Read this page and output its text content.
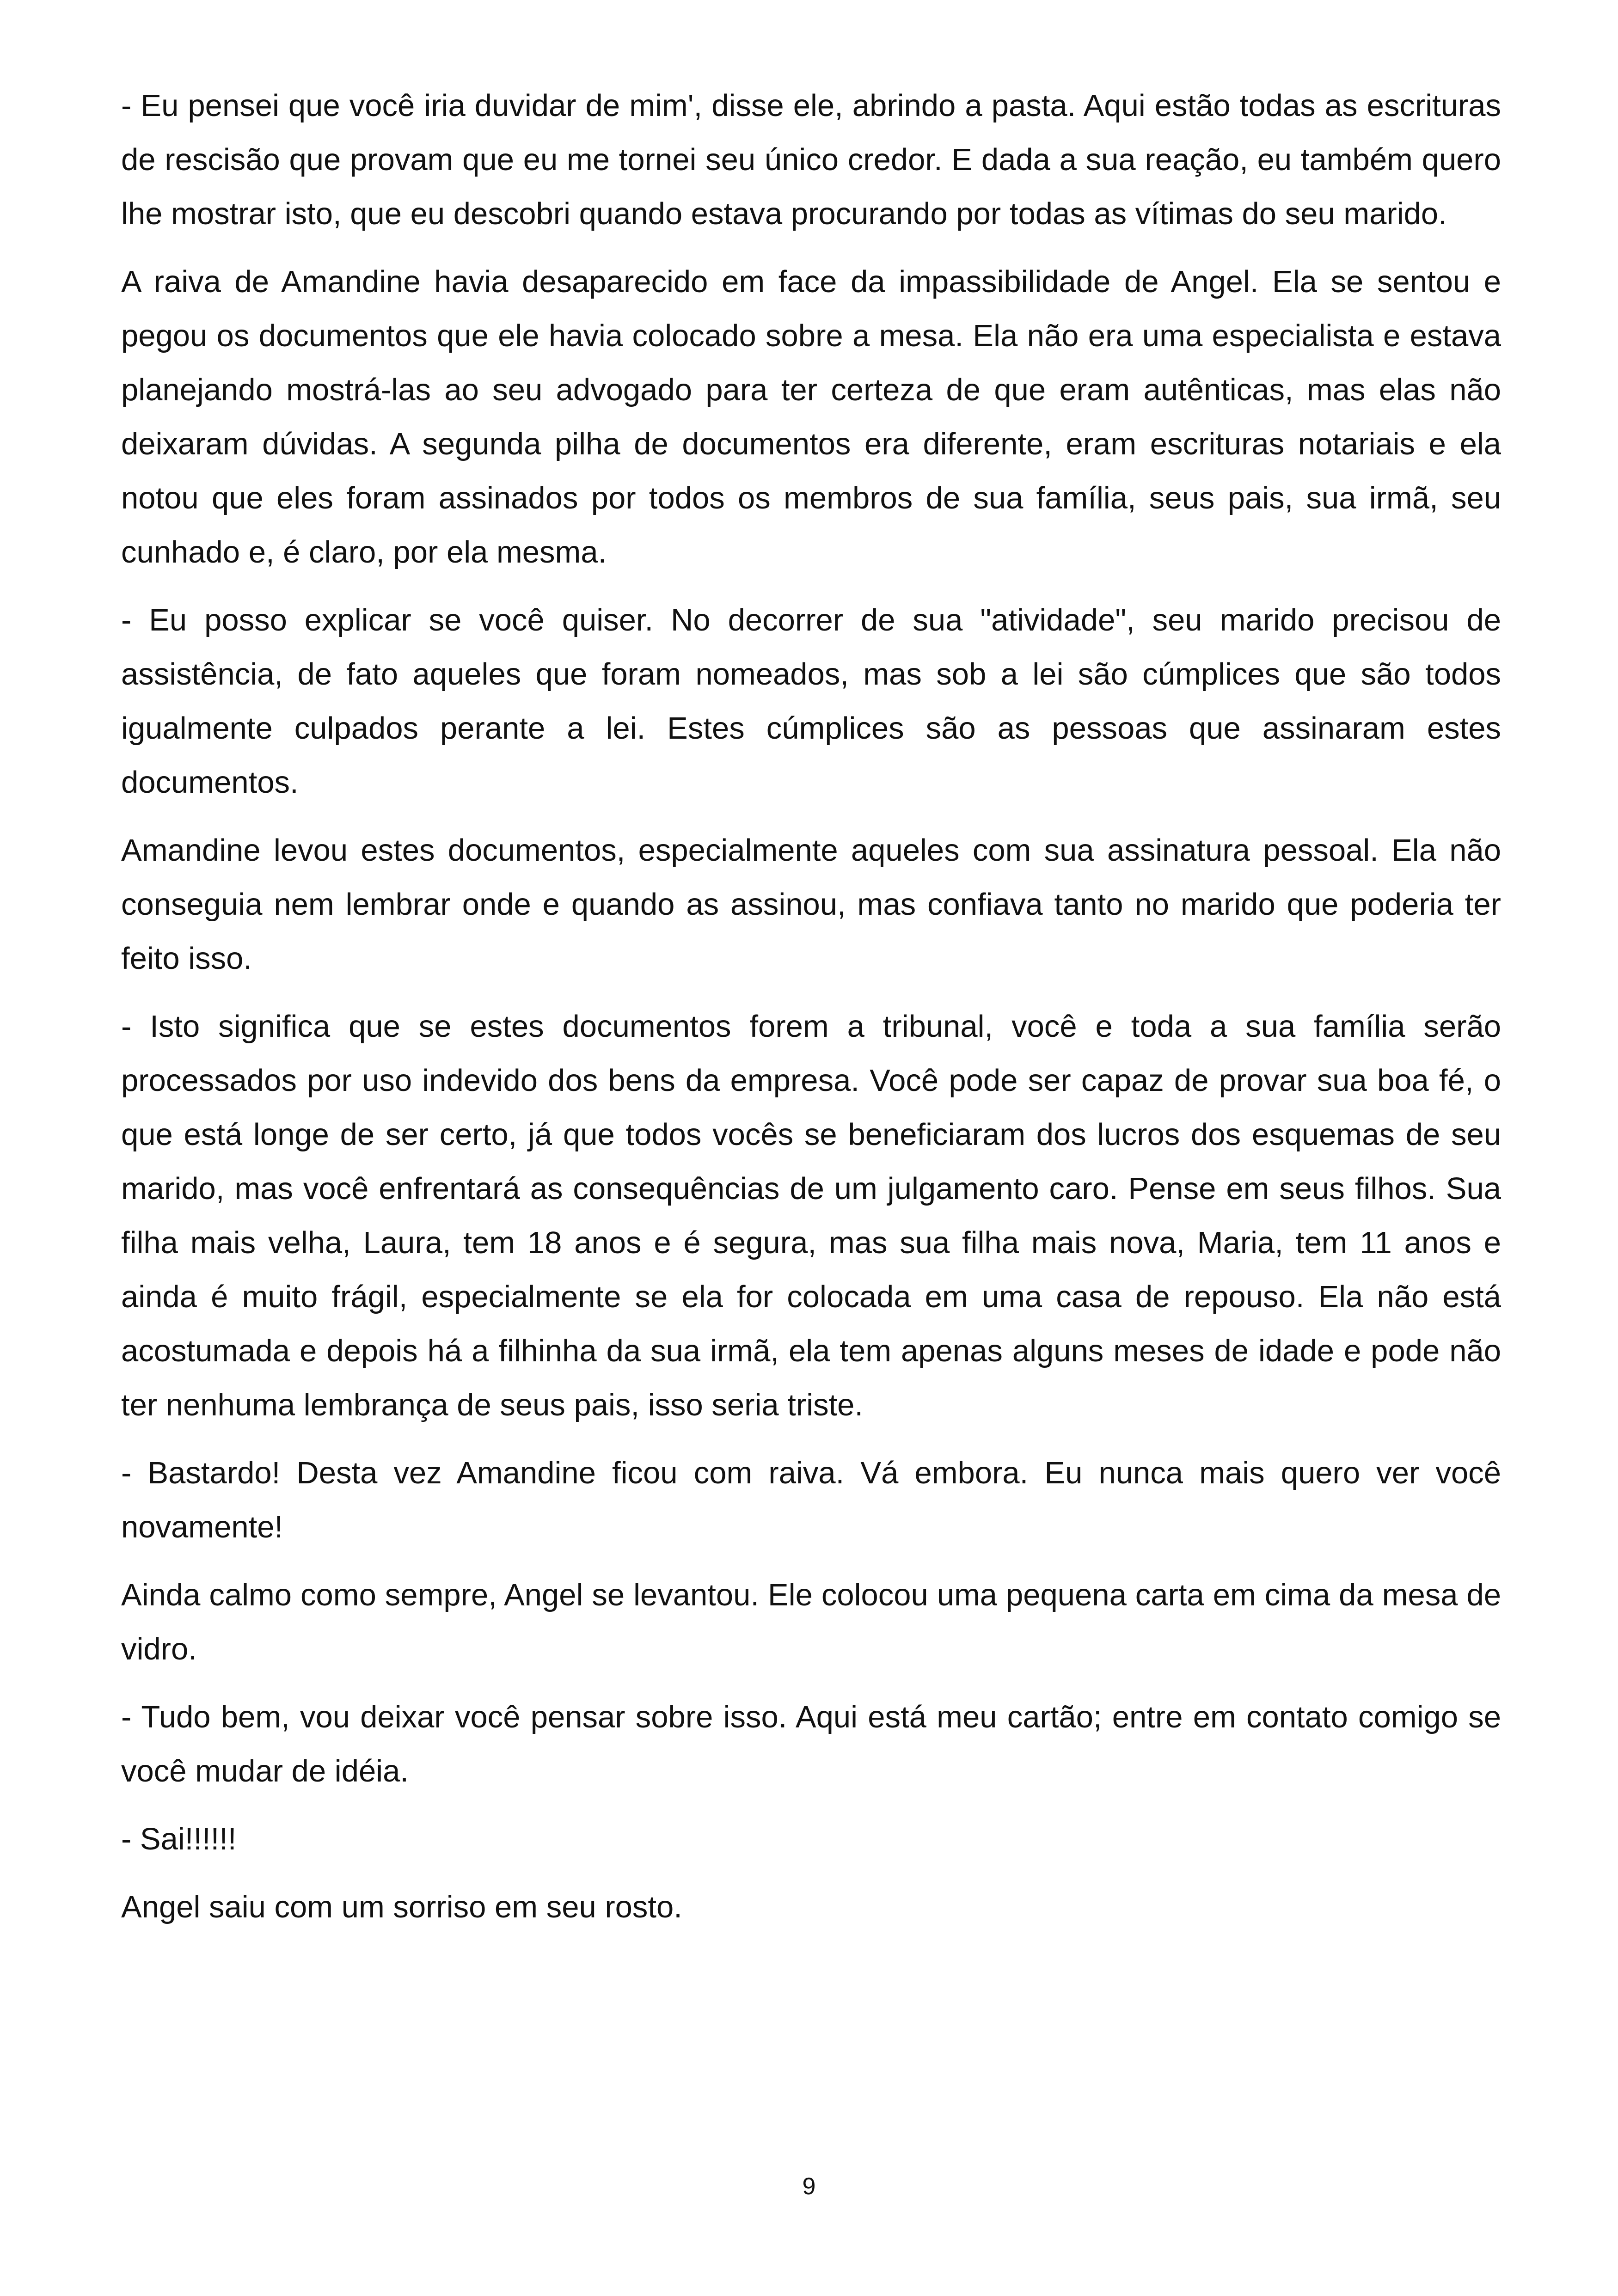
- Eu pensei que você iria duvidar de mim', disse ele, abrindo a pasta. Aqui estão todas as escrituras de rescisão que provam que eu me tornei seu único credor. E dada a sua reação, eu também quero lhe mostrar isto, que eu descobri quando estava procurando por todas as vítimas do seu marido.

A raiva de Amandine havia desaparecido em face da impassibilidade de Angel. Ela se sentou e pegou os documentos que ele havia colocado sobre a mesa. Ela não era uma especialista e estava planejando mostrá-las ao seu advogado para ter certeza de que eram autênticas, mas elas não deixaram dúvidas. A segunda pilha de documentos era diferente, eram escrituras notariais e ela notou que eles foram assinados por todos os membros de sua família, seus pais, sua irmã, seu cunhado e, é claro, por ela mesma.

- Eu posso explicar se você quiser. No decorrer de sua "atividade", seu marido precisou de assistência, de fato aqueles que foram nomeados, mas sob a lei são cúmplices que são todos igualmente culpados perante a lei. Estes cúmplices são as pessoas que assinaram estes documentos.

Amandine levou estes documentos, especialmente aqueles com sua assinatura pessoal. Ela não conseguia nem lembrar onde e quando as assinou, mas confiava tanto no marido que poderia ter feito isso.

- Isto significa que se estes documentos forem a tribunal, você e toda a sua família serão processados por uso indevido dos bens da empresa. Você pode ser capaz de provar sua boa fé, o que está longe de ser certo, já que todos vocês se beneficiaram dos lucros dos esquemas de seu marido, mas você enfrentará as consequências de um julgamento caro. Pense em seus filhos. Sua filha mais velha, Laura, tem 18 anos e é segura, mas sua filha mais nova, Maria, tem 11 anos e ainda é muito frágil, especialmente se ela for colocada em uma casa de repouso. Ela não está acostumada e depois há a filhinha da sua irmã, ela tem apenas alguns meses de idade e pode não ter nenhuma lembrança de seus pais, isso seria triste.

- Bastardo! Desta vez Amandine ficou com raiva. Vá embora. Eu nunca mais quero ver você novamente!

Ainda calmo como sempre, Angel se levantou. Ele colocou uma pequena carta em cima da mesa de vidro.

- Tudo bem, vou deixar você pensar sobre isso. Aqui está meu cartão; entre em contato comigo se você mudar de idéia.

- Sai!!!!!!

Angel saiu com um sorriso em seu rosto.

9
